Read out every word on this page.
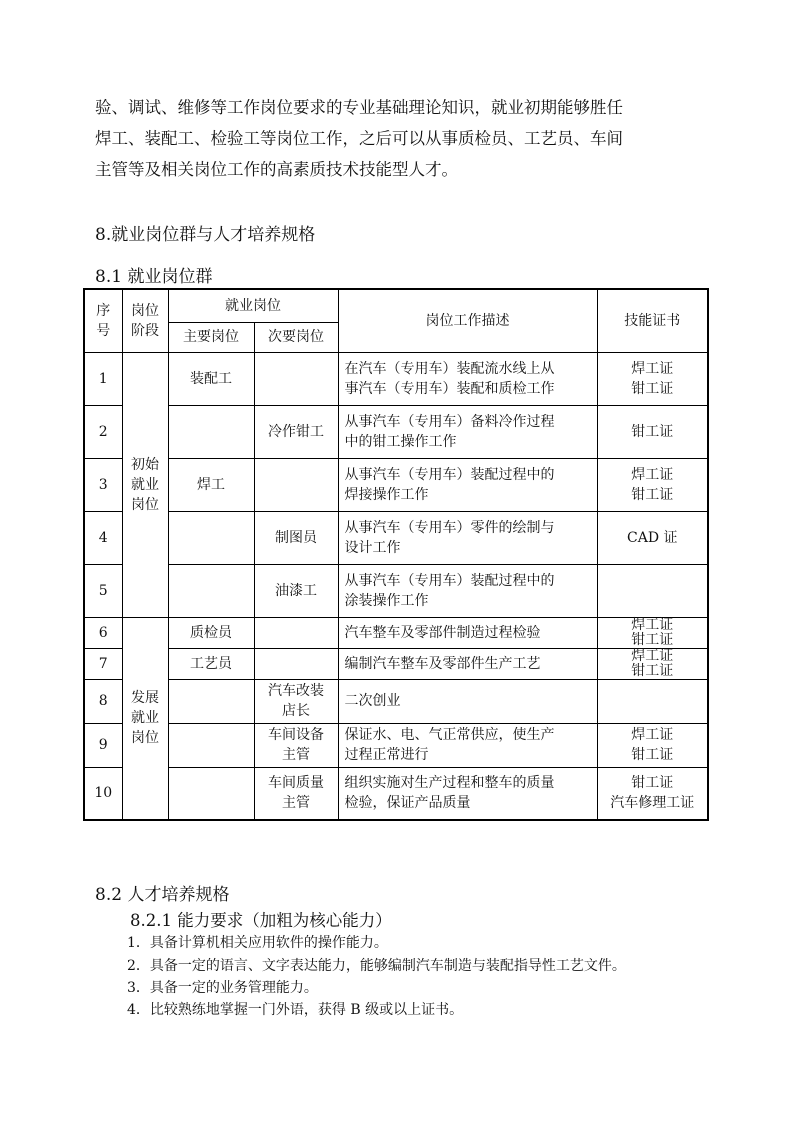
验、调试、维修等工作岗位要求的专业基础理论知识，就业初期能够胜任
焊工、装配工、检验工等岗位工作，之后可以从事质检员、工艺员、车间
主管等及相关岗位工作的高素质技术技能型人才。
8.就业岗位群与人才培养规格
8.1 就业岗位群
序
号	岗位
阶段	就业岗位		岗位工作描述	技能证书
		主要岗位	次要岗位		
1	初始
就业
岗位	装配工		在汽车（专用车）装配流水线上从
事汽车（专用车）装配和质检工作	焊工证
钳工证

2			冷作钳工	从事汽车（专用车）备料冷作过程
中的钳工操作工作	钳工证

3		焊工		从事汽车（专用车）装配过程中的
焊接操作工作	焊工证
钳工证

4			制图员	从事汽车（专用车）零件的绘制与
设计工作	CAD 证

5			油漆工	从事汽车（专用车）装配过程中的
涂装操作工作	

6	发展
就业
岗位	质检员		汽车整车及零部件制造过程检验	焊工证
钳工证

7		工艺员		编制汽车整车及零部件生产工艺	焊工证
钳工证

8			汽车改装
店长	二次创业	

9			车间设备
主管	保证水、电、气正常供应，使生产
过程正常进行	焊工证
钳工证

10			车间质量
主管	组织实施对生产过程和整车的质量
检验，保证产品质量	钳工证
汽车修理工证
8.2 人才培养规格
8.2.1 能力要求（加粗为核心能力）
1．具备计算机相关应用软件的操作能力。
2．具备一定的语言、文字表达能力，能够编制汽车制造与装配指导性工艺文件。
3．具备一定的业务管理能力。
4．比较熟练地掌握一门外语，获得 B 级或以上证书。
